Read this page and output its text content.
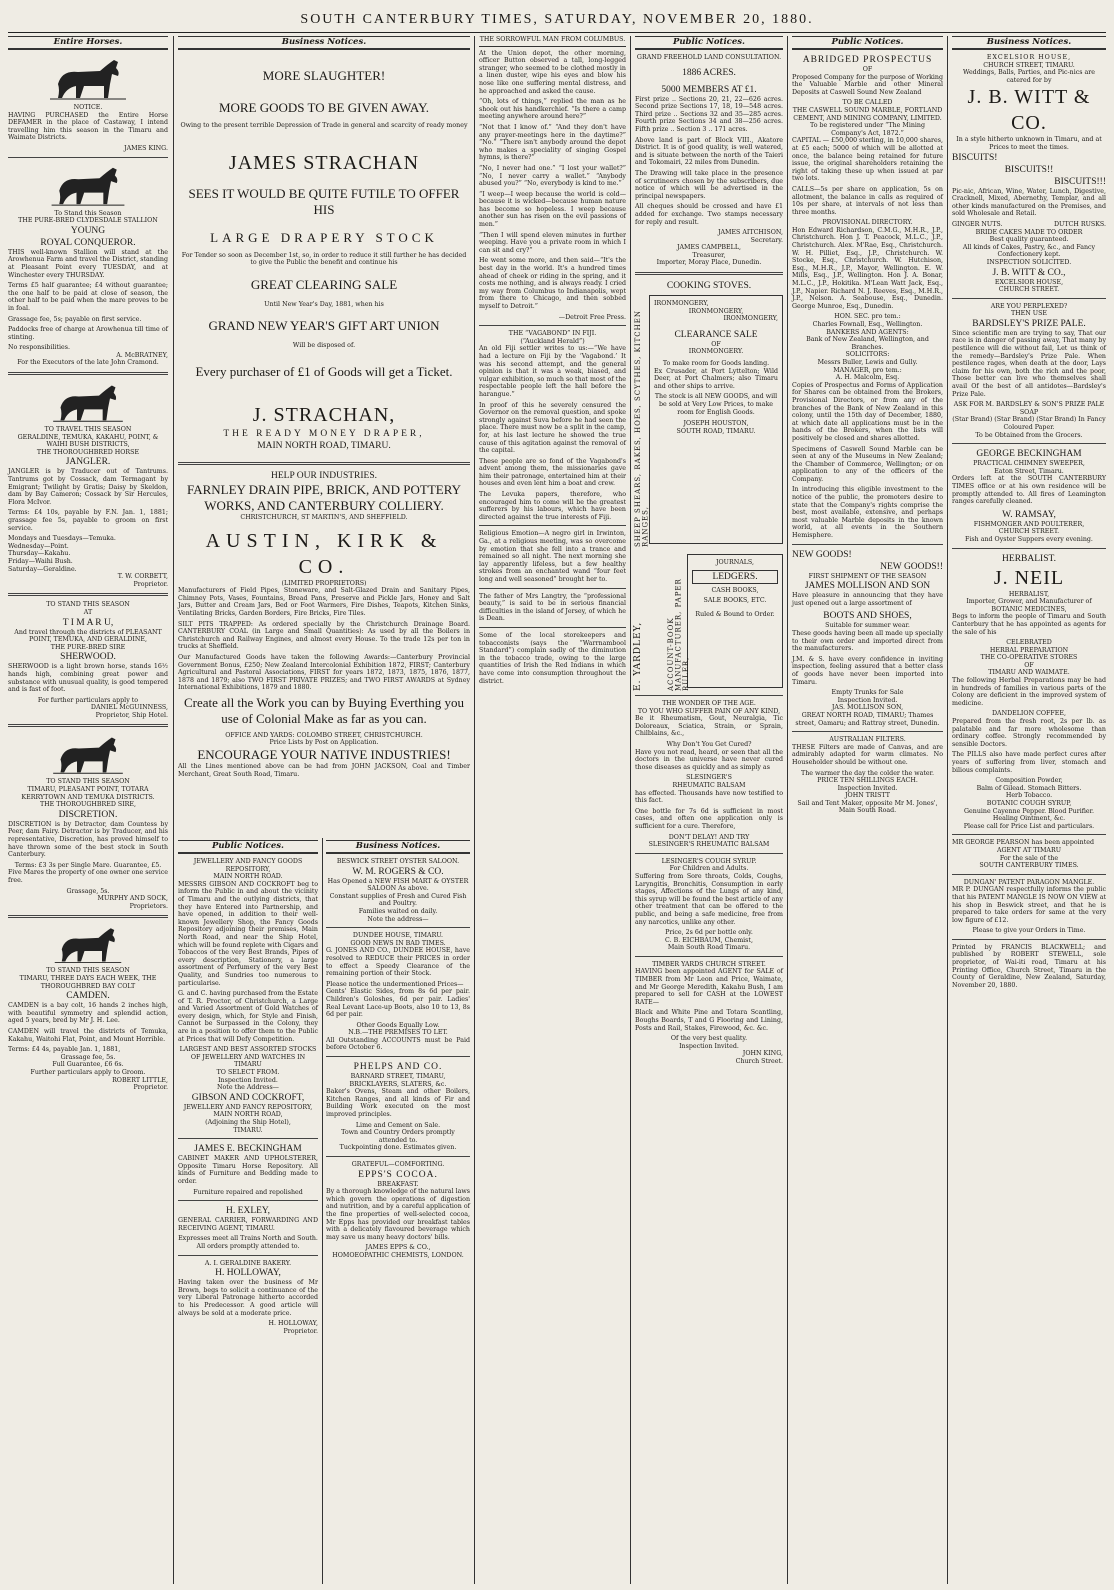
SOUTH CANTERBURY TIMES, SATURDAY, NOVEMBER 20, 1880.
Entire Horses.
NOTICE.

HAVING PURCHASED the Entire Horse DEFAMER in the place of Castaway, I intend travelling him this season in the Timaru and Waimate Districts.

JAMES KING.
To Stand this Season
THE PURE-BRED CLYDESDALE STALLION
YOUNG
ROYAL CONQUEROR.

THIS well-known Stallion will stand at the Arowhenua Farm and travel the District, standing at Pleasant Point every TUESDAY, and at Winchester every THURSDAY.

Terms £5 half guarantee; £4 without guarantee; the one half to be paid at close of season, the other half to be paid when the mare proves to be in foal.

Grassage fee, 5s; payable on first service.

Paddocks free of charge at Arowhenua till time of stinting.

No responsibilities.
A. McBRATNEY,
For the Executors of the late John Cramond.
TO TRAVEL THIS SEASON
GERALDINE, TEMUKA, KAKAHU, POINT, & WAIHI BUSH DISTRICTS,
THE THOROUGHBRED HORSE
JANGLER.

JANGLER is by Traducer out of Tantrums. Tantrums got by Cossack, dam Termagant by Emigrant; Twilight by Gratis; Daisy by Skeldon, dam by Bay Cameron; Cossack by Sir Hercules, Flora McIvor.

Terms: £4 10s, payable by F.N. Jan. 1, 1881; grassage fee 5s, payable to groom on first service.

Mondays and Tuesdays—Temuka.
Wednesday—Point.
Thursday—Kakahu.
Friday—Waihi Bush.
Saturday—Geraldine.
T. W. CORBETT,
Proprietor.
TO STAND THIS SEASON
AT
T I M A R U,
And travel through the districts of PLEASANT POINT, TEMUKA, AND GERALDINE,
THE PURE-BRED SIRE
SHERWOOD.

SHERWOOD is a light brown horse, stands 16½ hands high, combining great power and substance with unusual quality, is good tempered and is fast of foot.

For further particulars apply to
DANIEL McGUINNESS,
Proprietor, Ship Hotel.
TO STAND THIS SEASON
TIMARU, PLEASANT POINT, TOTARA KERRYTOWN AND TEMUKA DISTRICTS.
THE THOROUGHBRED SIRE,
DISCRETION.

DISCRETION is by Detractor, dam Countess by Peer, dam Fairy. Detractor is by Traducer, and his representative, Discretion, has proved himself to have thrown some of the best stock in South Canterbury.

Terms: £3 3s per Single Mare. Guarantee, £5.

Five Mares the property of one owner one service free.

Grassage, 5s.
MURPHY AND SOCK,
Proprietors.
TO STAND THIS SEASON
TIMARU, THREE DAYS EACH WEEK, THE THOROUGHBRED BAY COLT
CAMDEN.

CAMDEN is a bay colt, 16 hands 2 inches high, with beautiful symmetry and splendid action, aged 5 years, bred by Mr J. H. Lee.

CAMDEN will travel the districts of Temuka, Kakahu, Waitohi Flat, Point, and Mount Horrible.

Terms: £4 4s, payable Jan. 1, 1881,
Grassage fee, 5s.
Full Guarantee, £6 6s.
Further particulars apply to Groom.
ROBERT LITTLE,
Proprietor.
Business Notices.
MORE SLAUGHTER!
MORE GOODS TO BE GIVEN AWAY.
Owing to the present terrible Depression of Trade in general and scarcity of ready money
JAMES STRACHAN
SEES IT WOULD BE QUITE FUTILE TO OFFER HIS
LARGE DRAPERY STOCK
For Tender so soon as December 1st, so, in order to reduce it still further he has decided to give the Public the benefit and continue his
GREAT CLEARING SALE
Until New Year's Day, 1881, when his
GRAND NEW YEAR'S GIFT ART UNION
Will be disposed of.
Every purchaser of £1 of Goods will get a Ticket.
J. STRACHAN,
THE READY MONEY DRAPER,
MAIN NORTH ROAD, TIMARU.
HELP OUR INDUSTRIES.
FARNLEY DRAIN PIPE, BRICK, AND POTTERY WORKS, AND CANTERBURY COLLIERY.
CHRISTCHURCH, ST MARTIN'S, AND SHEFFIELD.
AUSTIN, KIRK & CO.
(LIMITED PROPRIETORS)

Manufacturers of Field Pipes, Stoneware, and Salt-Glazed Drain and Sanitary Pipes, Chimney Pots, Vases, Fountains, Bread Pans, Preserve and Pickle Jars, Honey and Salt Jars, Butter and Cream Jars, Bed or Foot Warmers, Fire Dishes, Teapots, Kitchen Sinks, Ventilating Bricks, Garden Borders, Fire Bricks, Fire Tiles.

SILT PITS TRAPPED: As ordered specially by the Christchurch Drainage Board. CANTERBURY COAL (in Large and Small Quantities): As used by all the Boilers in Christchurch and Railway Engines, and almost every House. To the trade 12s per ton in trucks at Sheffield.

Our Manufactured Goods have taken the following Awards:—Canterbury Provincial Government Bonus, £250; New Zealand Intercolonial Exhibition 1872, FIRST; Canterbury Agricultural and Pastoral Associations, FIRST for years 1872, 1873, 1875, 1876, 1877, 1878 and 1879; also TWO FIRST PRIVATE PRIZES; and TWO FIRST AWARDS at Sydney International Exhibitions, 1879 and 1880.

Create all the Work you can by Buying Everthing you use of Colonial Make as far as you can.
OFFICE AND YARDS: COLOMBO STREET, CHRISTCHURCH.
Price Lists by Post on Application.
ENCOURAGE YOUR NATIVE INDUSTRIES!

All the Lines mentioned above can be had from JOHN JACKSON, Coal and Timber Merchant, Great South Road, Timaru.

Public Notices.
JEWELLERY AND FANCY GOODS REPOSITORY,
MAIN NORTH ROAD.

MESSRS GIBSON AND COCKROFT beg to inform the Public in and about the vicinity of Timaru and the outlying districts, that they have Entered into Partnership, and have opened, in addition to their well-known Jewellery Shop, the Fancy Goods Repository adjoining their premises, Main North Road, and near the Ship Hotel, which will be found replete with Cigars and Tobaccos of the very Best Brands, Pipes of every description, Stationery, a large assortment of Perfumery of the very Best Quality, and Sundries too numerous to particularise.

G. and C. having purchased from the Estate of T. R. Proctor, of Christchurch, a Large and Varied Assortment of Gold Watches of every design, which, for Style and Finish, Cannot be Surpassed in the Colony, they are in a position to offer them to the Public at Prices that will Defy Competition.

LARGEST AND BEST ASSORTED STOCKS OF JEWELLERY AND WATCHES IN TIMARU
TO SELECT FROM.
Inspection Invited.
Note the Address—
GIBSON AND COCKROFT,
JEWELLERY AND FANCY REPOSITORY,
MAIN NORTH ROAD,
(Adjoining the Ship Hotel),
TIMARU.
JAMES E. BECKINGHAM

CABINET MAKER AND UPHOLSTERER, Opposite Timaru Horse Repository. All kinds of Furniture and Bedding made to order.

Furniture repaired and repolished
H. EXLEY,

GENERAL CARRIER, FORWARDING AND RECEIVING AGENT, TIMARU.

Expresses meet all Trains North and South.
All orders promptly attended to.
A. I. GERALDINE BAKERY.
H. HOLLOWAY,

Having taken over the business of Mr Brown, begs to solicit a continuance of the very Liberal Patronage hitherto accorded to his Predecessor. A good article will always be sold at a moderate price.

H. HOLLOWAY,
Proprietor.
Business Notices.
BESWICK STREET OYSTER SALOON.
W. M. ROGERS & CO.
Has Opened a NEW FISH MART & OYSTER SALOON As above.
Constant supplies of Fresh and Cured Fish and Poultry.
Families waited on daily.
Note the address—
DUNDEE HOUSE, TIMARU.
GOOD NEWS IN BAD TIMES.

G. JONES AND CO., DUNDEE HOUSE, have resolved to REDUCE their PRICES in order to effect a Speedy Clearance of the remaining portion of their Stock.

Please notice the undermentioned Prices—

Gents' Elastic Sides, from 8s 6d per pair. Children's Goloshes, 6d per pair. Ladies' Real Levant Lace-up Boots, also 10 to 13, 8s 6d per pair.

Other Goods Equally Low.
N.B.—THE PREMISES TO LET.

All Outstanding ACCOUNTS must be Paid before October 6.

PHELPS AND CO.
BARNARD STREET, TIMARU, BRICKLAYERS, SLATERS, &c.

Baker's Ovens, Steam and other Boilers, Kitchen Ranges, and all kinds of Fir and Building Work executed on the most improved principles.

Lime and Cement on Sale.
Town and Country Orders promptly attended to.
Tuckpointing done. Estimates given.
GRATEFUL—COMFORTING.
EPPS'S COCOA.
BREAKFAST.

By a thorough knowledge of the natural laws which govern the operations of digestion and nutrition, and by a careful application of the fine properties of well-selected cocoa, Mr Epps has provided our breakfast tables with a delicately flavoured beverage which may save us many heavy doctors' bills.

JAMES EPPS & CO.,
HOMOEOPATHIC CHEMISTS, LONDON.
THE SORROWFUL MAN FROM COLUMBUS.

At the Union depot, the other morning, officer Button observed a tall, long-legged stranger, who seemed to be clothed mostly in a linen duster, wipe his eyes and blow his nose like one suffering mental distress, and he approached and asked the cause.

“Oh, lots of things,” replied the man as he shook out his handkerchief. “Is there a camp meeting anywhere around here?”

“Not that I know of.” “And they don't have any prayer-meetings here in the daytime?” “No.” “There isn't anybody around the depot who makes a speciality of singing Gospel hymns, is there?”

“No, I never had one.” “I lost your wallet?” “No, I never carry a wallet.” “Anybody abused you?” “No, everybody is kind to me.”

“I weep—I weep because the world is cold—because it is wicked—because human nature has become so hopeless. I weep because another sun has risen on the evil passions of men.”

“Then I will spend eleven minutes in further weeping. Have you a private room in which I can sit and cry?”

He went some more, and then said—“It's the best day in the world. It's a hundred times ahead of cheek or riding in the spring, and it costs me nothing, and is always ready. I cried my way from Columbus to Indianapolis, wept from there to Chicago, and then sobbed myself to Detroit.”

—Detroit Free Press.
THE “VAGABOND” IN FIJI.
(“Auckland Herald”)

An old Fiji settler writes to us:—“We have had a lecture on Fiji by the ‘Vagabond.’ It was his second attempt, and the general opinion is that it was a weak, biased, and vulgar exhibition, so much so that most of the respectable people left the hall before the harangue.”

In proof of this he severely censured the Governor on the removal question, and spoke strongly against Suva before he had seen the place. There must now be a split in the camp, for, at his last lecture he showed the true cause of this agitation against the removal of the capital.

These people are so fond of the Vagabond's advent among them, the missionaries gave him their patronage, entertained him at their houses and even lent him a boat and crew.

The Levuka papers, therefore, who encouraged him to come will be the greatest sufferers by his labours, which have been directed against the true interests of Fiji.

Religious Emotion—A negro girl in Irwinton, Ga., at a religious meeting, was so overcome by emotion that she fell into a trance and remained so all night. The next morning she lay apparently lifeless, but a few healthy strokes from an enchanted wand “four feet long and well seasoned” brought her to.

The father of Mrs Langtry, the “professional beauty,” is said to be in serious financial difficulties in the island of Jersey, of which he is Dean.

Some of the local storekeepers and tobacconists (says the “Warrnambool Standard”) complain sadly of the diminution in the tobacco trade, owing to the large quantities of Irish the Red Indians in which have come into consumption throughout the district.

Public Notices.
GRAND FREEHOLD LAND CONSULTATION.
1886 ACRES.
5000 MEMBERS AT £1.

First prize .. Sections 20, 21, 22—626 acres. Second prize Sections 17, 18, 19—548 acres. Third prize .. Sections 32 and 35—285 acres. Fourth prize Sections 34 and 38—256 acres. Fifth prize .. Section 3 .. 171 acres.

Above land is part of Block VIII., Akatore District. It is of good quality, is well watered, and is situate between the north of the Taieri and Tokomairi, 22 miles from Dunedin.

The Drawing will take place in the presence of scrutineers chosen by the subscribers, due notice of which will be advertised in the principal newspapers.

All cheques should be crossed and have £1 added for exchange. Two stamps necessary for reply and result.

JAMES AITCHISON,
Secretary.
JAMES CAMPBELL,
Treasurer,
Importer, Moray Place, Dunedin.
COOKING STOVES.
SHEEP SHEARS, RAKES, HOES, SCYTHES, KITCHEN RANGES,
IRONMONGERY,
IRONMONGERY,
IRONMONGERY,
CLEARANCE SALE
OF
IRONMONGERY.
To make room for Goods landing.

Ex Crusader, at Port Lyttelton; Wild Deer, at Port Chalmers; also Timaru and other ships to arrive.

The stock is all NEW GOODS, and will be sold at Very Low Prices, to make room for English Goods.

JOSEPH HOUSTON,
SOUTH ROAD, TIMARU.
E. YARDLEY,	ACCOUNT-BOOK MANUFACTURER, PAPER RULER,
JOURNALS,
LEDGERS.
CASH BOOKS,
SALE BOOKS, ETC.
Ruled & Bound to Order.
THE WONDER OF THE AGE.
TO YOU WHO SUFFER PAIN OF ANY KIND,

Be it Rheumatism, Gout, Neuralgia, Tic Doloreaux, Sciatica, Strain, or Sprain, Chilblains, &c.,

Why Don't You Get Cured?

Have you not read, heard, or seen that all the doctors in the universe have never cured those diseases as quickly and as simply as

SLESINGER'S
RHEUMATIC BALSAM

has effected. Thousands have now testified to this fact.

One bottle for 7s 6d is sufficient in most cases, and often one application only is sufficient for a cure. Therefore,

DON'T DELAY! AND TRY
SLESINGER'S RHEUMATIC BALSAM
LESINGER'S COUGH SYRUP.
For Children and Adults.

Suffering from Sore throats, Colds, Coughs, Laryngitis, Bronchitis, Consumption in early stages, Affections of the Lungs of any kind, this syrup will be found the best article of any other treatment that can be offered to the public, and being a safe medicine, free from any narcotics, unlike any other.

Price, 2s 6d per bottle only.
C. B. EICHBAUM, Chemist,
Main South Road Timaru.
TIMBER YARDS CHURCH STREET.

HAVING been appointed AGENT for SALE of TIMBER from Mr Leon and Price, Waimate, and Mr George Meredith, Kakahu Bush, I am prepared to sell for CASH at the LOWEST RATE—

Black and White Pine and Totara Scantling, Boughs Boards, T and G Flooring and Lining, Posts and Rail, Stakes, Firewood, &c. &c.

Of the very best quality.
Inspection Invited.
JOHN KING,
Church Street.
Public Notices.
ABRIDGED PROSPECTUS
OF

Proposed Company for the purpose of Working the Valuable Marble and other Mineral Deposits at Caswell Sound New Zealand

TO BE CALLED
THE CASWELL SOUND MARBLE, FORTLAND CEMENT, AND MINING COMPANY, LIMITED.
To be registered under “The Mining Company's Act, 1872.”

CAPITAL — £50,000 sterling, in 10,000 shares, at £5 each; 5000 of which will be allotted at once, the balance being retained for future issue, the original shareholders retaining the right of taking these up when issued at par two lots.

CALLS—5s per share on application, 5s on allotment, the balance in calls as required of 10s per share, at intervals of not less than three months.

PROVISIONAL DIRECTORY.

Hon Edward Richardson, C.M.G., M.H.R., J.P., Christchurch. Hon J. T. Peacock, M.L.C., J.P., Christchurch. Alex. M'Rae, Esq., Christchurch. W. H. Pilliet, Esq., J.P., Christchurch. W. Stocke, Esq., Christchurch. W. Hutchison, Esq., M.H.R., J.P., Mayor, Wellington. E. W. Mills, Esq., J.P., Wellington. Hon J. A. Bonar, M.L.C., J.P., Hokitika. M'Lean Watt Jack, Esq., J.P., Napier. Richard N. J. Reeves, Esq., M.H.R., J.P., Nelson. A. Seabouse, Esq., Dunedin. George Munroe, Esq., Dunedin.

HON. SEC. pro tem.:
Charles Fownall, Esq., Wellington.
BANKERS AND AGENTS:
Bank of New Zealand, Wellington, and Branches.
SOLICITORS:
Messrs Buller, Lewis and Gully.
MANAGER, pro tem.:
A. H. Malcolm, Esq.

Copies of Prospectus and Forms of Application for Shares can be obtained from the Brokers, Provisional Directors, or from any of the branches of the Bank of New Zealand in this colony, until the 15th day of December, 1880, at which date all applications must be in the hands of the Brokers, when the lists will positively be closed and shares allotted.

Specimens of Caswell Sound Marble can be seen at any of the Museums in New Zealand; the Chamber of Commerce, Wellington; or on application to any of the officers of the Company.

In introducing this eligible investment to the notice of the public, the promoters desire to state that the Company's rights comprise the best, most available, extensive, and perhaps most valuable Marble deposits in the known world, at all events in the Southern Hemisphere.

NEW GOODS!
NEW GOODS!!
FIRST SHIPMENT OF THE SEASON
JAMES MOLLISON AND SON

Have pleasure in announcing that they have just opened out a large assortment of

BOOTS AND SHOES,
Suitable for summer wear.

These goods having been all made up specially to their own order and imported direct from the manufacturers.

J.M. & S. have every confidence in inviting inspection, feeling assured that a better class of goods have never been imported into Timaru.

Empty Trunks for Sale
Inspection Invited.
JAS. MOLLISON SON,
GREAT NORTH ROAD, TIMARU; Thames street, Oamaru; and Rattray street, Dunedin.
AUSTRALIAN FILTERS.

THESE Filters are made of Canvas, and are admirably adapted for warm climates. No Householder should be without one.

The warmer the day the colder the water.
PRICE TEN SHILLINGS EACH.
Inspection Invited.
JOHN TRISTT
Sail and Tent Maker, opposite Mr M. Jones', Main South Road.
Business Notices.
EXCELSIOR HOUSE,
CHURCH STREET, TIMARU.
Weddings, Balls, Parties, and Pic-nics are catered for by
J. B. WITT & CO.
In a style hitherto unknown in Timaru, and at Prices to meet the times.
BISCUITS!
BISCUITS!!
BISCUITS!!!

Pic-nic, African, Wine, Water, Lunch, Digestive, Cracknell, Mixed, Abernethy, Templar, and all other kinds manufactured on the Premises, and sold Wholesale and Retail.

GINGER NUTS.	DUTCH RUSKS.
BRIDE CAKES MADE TO ORDER
Best quality guaranteed.
All kinds of Cakes, Pastry, &c., and Fancy Confectionery kept.
INSPECTION SOLICITED.
J. B. WITT & CO.,
EXCELSIOR HOUSE,
CHURCH STREET.
ARE YOU PERPLEXED?
THEN USE
BARDSLEY'S PRIZE PALE.

Since scientific men are trying to say, That our race is in danger of passing away, That many by pestilence will die without fail, Let us think of the remedy—Bardsley's Prize Pale. When pestilence rages, when death at the door, Lays claim for his own, both the rich and the poor, Those better can live who themselves shall avail Of the best of all antidotes—Bardsley's Prize Pale.

ASK FOR M. BARDSLEY & SON'S PRIZE PALE SOAP
(Star Brand) (Star Brand) (Star Brand) In Fancy Coloured Paper.
To be Obtained from the Grocers.
GEORGE BECKINGHAM
PRACTICAL CHIMNEY SWEEPER,
Eaton Street, Timaru.

Orders left at the SOUTH CANTERBURY TIMES office or at his own residence will be promptly attended to. All fires of Leamington ranges carefully cleaned.

W. RAMSAY,
FISHMONGER AND POULTERER,
CHURCH STREET.
Fish and Oyster Suppers every evening.
HERBALIST.
J. NEIL
HERBALIST,
Importer, Grower, and Manufacturer of BOTANIC MEDICINES,

Begs to inform the people of Timaru and South Canterbury that he has appointed as agents for the sale of his

CELEBRATED
HERBAL PREPARATION
THE CO-OPERATIVE STORES
OF
TIMARU AND WAIMATE.

The following Herbal Preparations may be had in hundreds of families in various parts of the Colony are deficient in the improved system of medicine.

DANDELION COFFEE,

Prepared from the fresh root, 2s per lb. as palatable and far more wholesome than ordinary coffee. Strongly recommended by sensible Doctors.

The PILLS also have made perfect cures after years of suffering from liver, stomach and bilious complaints.

Composition Powder,
Balm of Gilead. Stomach Bitters.
Herb Tobacco.
BOTANIC COUGH SYRUP,
Genuine Cayenne Pepper. Blood Purifier.
Healing Ointment, &c.
Please call for Price List and particulars.
MR GEORGE PEARSON has been appointed
AGENT AT TIMARU
For the sale of the
SOUTH CANTERBURY TIMES.
DUNGAN' PATENT PARAGON MANGLE.

MR P. DUNGAN respectfully informs the public that his PATENT MANGLE IS NOW ON VIEW at his shop in Beswick street, and that he is prepared to take orders for same at the very low figure of £12.

Please to give your Orders in Time.

Printed by FRANCIS BLACKWELL; and published by ROBERT STEWELL, sole proprietor, of Wai-iti road, Timaru at his Printing Office, Church Street, Timaru in the County of Geraldine, New Zealand, Saturday, November 20, 1880.
